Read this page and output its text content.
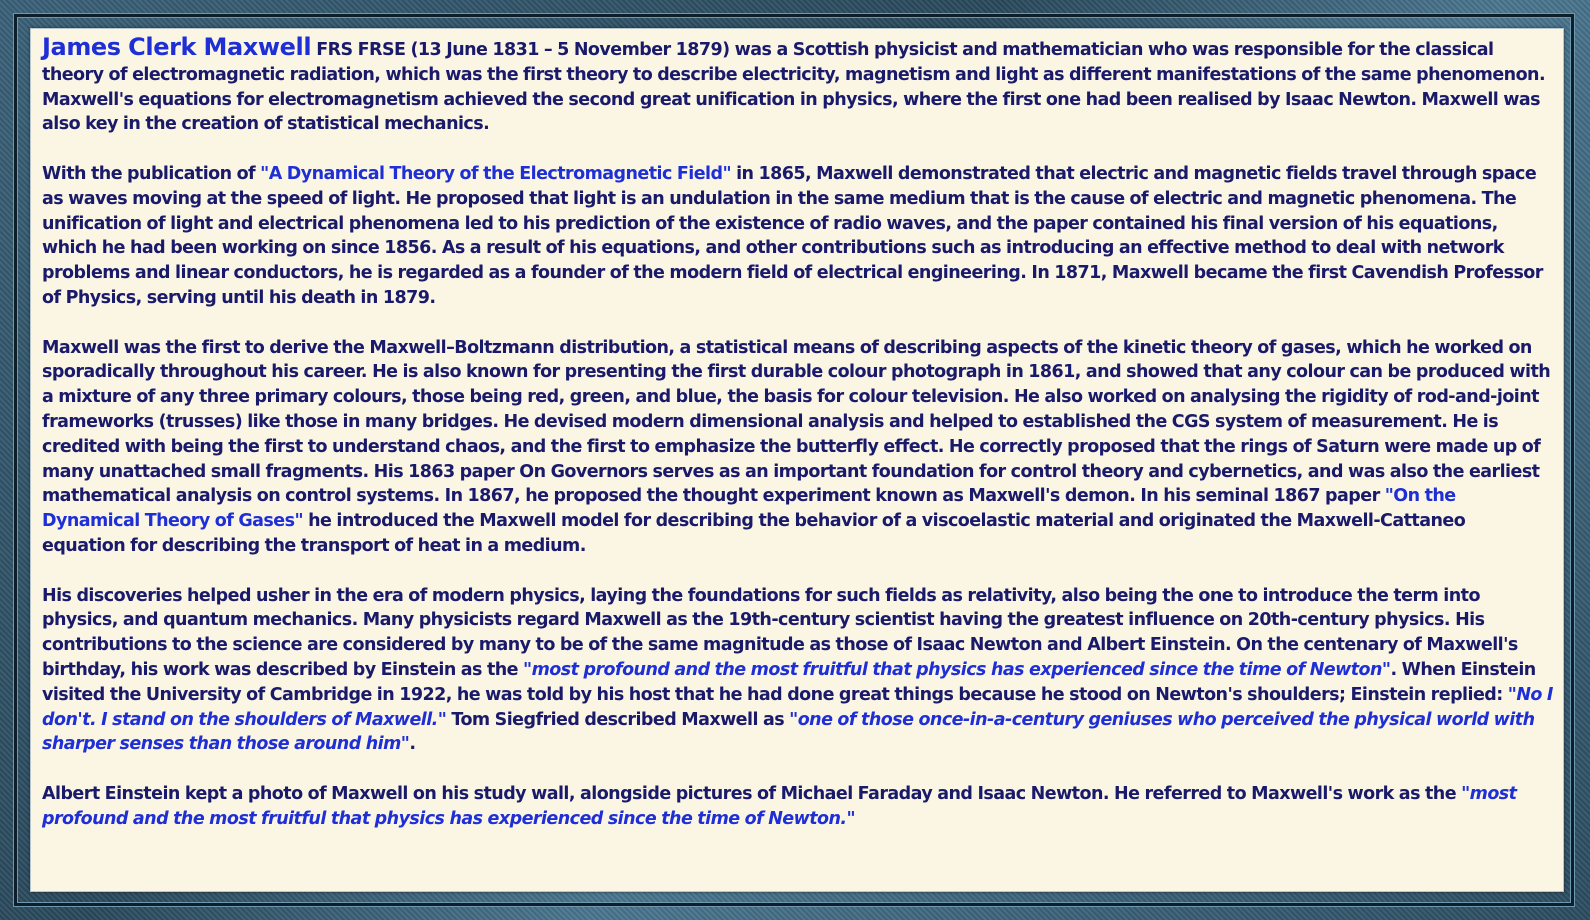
James Clerk Maxwell FRS FRSE (13 June 1831 – 5 November 1879) was a Scottish physicist and mathematician who was responsible for the classical theory of electromagnetic radiation, which was the first theory to describe electricity, magnetism and light as different manifestations of the same phenomenon. Maxwell's equations for electromagnetism achieved the second great unification in physics, where the first one had been realised by Isaac Newton. Maxwell was also key in the creation of statistical mechanics.

With the publication of "A Dynamical Theory of the Electromagnetic Field" in 1865, Maxwell demonstrated that electric and magnetic fields travel through space as waves moving at the speed of light. He proposed that light is an undulation in the same medium that is the cause of electric and magnetic phenomena. The unification of light and electrical phenomena led to his prediction of the existence of radio waves, and the paper contained his final version of his equations, which he had been working on since 1856. As a result of his equations, and other contributions such as introducing an effective method to deal with network problems and linear conductors, he is regarded as a founder of the modern field of electrical engineering. In 1871, Maxwell became the first Cavendish Professor of Physics, serving until his death in 1879.

Maxwell was the first to derive the Maxwell–Boltzmann distribution, a statistical means of describing aspects of the kinetic theory of gases, which he worked on sporadically throughout his career. He is also known for presenting the first durable colour photograph in 1861, and showed that any colour can be produced with a mixture of any three primary colours, those being red, green, and blue, the basis for colour television. He also worked on analysing the rigidity of rod-and-joint frameworks (trusses) like those in many bridges. He devised modern dimensional analysis and helped to established the CGS system of measurement. He is credited with being the first to understand chaos, and the first to emphasize the butterfly effect. He correctly proposed that the rings of Saturn were made up of many unattached small fragments. His 1863 paper On Governors serves as an important foundation for control theory and cybernetics, and was also the earliest mathematical analysis on control systems. In 1867, he proposed the thought experiment known as Maxwell's demon. In his seminal 1867 paper "On the Dynamical Theory of Gases" he introduced the Maxwell model for describing the behavior of a viscoelastic material and originated the Maxwell-Cattaneo equation for describing the transport of heat in a medium.

His discoveries helped usher in the era of modern physics, laying the foundations for such fields as relativity, also being the one to introduce the term into physics, and quantum mechanics. Many physicists regard Maxwell as the 19th-century scientist having the greatest influence on 20th-century physics. His contributions to the science are considered by many to be of the same magnitude as those of Isaac Newton and Albert Einstein. On the centenary of Maxwell's birthday, his work was described by Einstein as the "most profound and the most fruitful that physics has experienced since the time of Newton". When Einstein visited the University of Cambridge in 1922, he was told by his host that he had done great things because he stood on Newton's shoulders; Einstein replied: "No I don't. I stand on the shoulders of Maxwell." Tom Siegfried described Maxwell as "one of those once-in-a-century geniuses who perceived the physical world with sharper senses than those around him".

Albert Einstein kept a photo of Maxwell on his study wall, alongside pictures of Michael Faraday and Isaac Newton. He referred to Maxwell's work as the "most profound and the most fruitful that physics has experienced since the time of Newton."
